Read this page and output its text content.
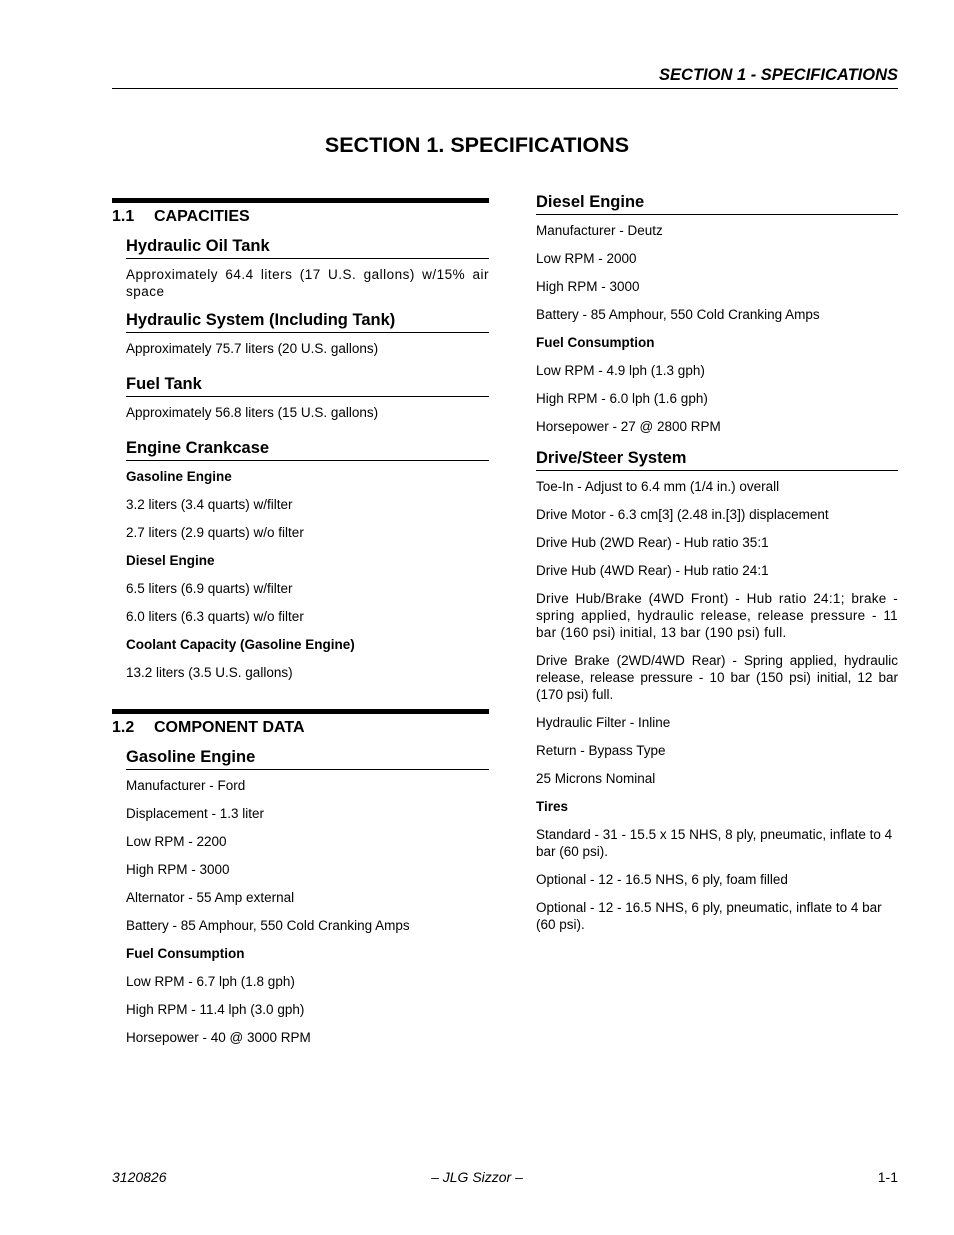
SECTION 1 - SPECIFICATIONS
SECTION 1. SPECIFICATIONS
1.1 CAPACITIES
Hydraulic Oil Tank
Approximately 64.4 liters (17 U.S. gallons) w/15% air space
Hydraulic System (Including Tank)
Approximately 75.7 liters (20 U.S. gallons)
Fuel Tank
Approximately 56.8 liters (15 U.S. gallons)
Engine Crankcase
Gasoline Engine
3.2 liters (3.4 quarts) w/filter
2.7 liters (2.9 quarts) w/o filter
Diesel Engine
6.5 liters (6.9 quarts) w/filter
6.0 liters (6.3 quarts) w/o filter
Coolant Capacity (Gasoline Engine)
13.2 liters (3.5 U.S. gallons)
1.2 COMPONENT DATA
Gasoline Engine
Manufacturer - Ford
Displacement - 1.3 liter
Low RPM - 2200
High RPM - 3000
Alternator - 55 Amp external
Battery - 85 Amphour, 550 Cold Cranking Amps
Fuel Consumption
Low RPM - 6.7 lph (1.8 gph)
High RPM - 11.4 lph (3.0 gph)
Horsepower - 40 @ 3000 RPM
Diesel Engine
Manufacturer - Deutz
Low RPM - 2000
High RPM - 3000
Battery - 85 Amphour, 550 Cold Cranking Amps
Fuel Consumption
Low RPM - 4.9 lph (1.3 gph)
High RPM - 6.0 lph (1.6 gph)
Horsepower - 27 @ 2800 RPM
Drive/Steer System
Toe-In - Adjust to 6.4 mm (1/4 in.) overall
Drive Motor - 6.3 cm[3] (2.48 in.[3]) displacement
Drive Hub (2WD Rear) - Hub ratio 35:1
Drive Hub (4WD Rear) - Hub ratio 24:1
Drive Hub/Brake (4WD Front) - Hub ratio 24:1; brake - spring applied, hydraulic release, release pressure - 11 bar (160 psi) initial, 13 bar (190 psi) full.
Drive Brake (2WD/4WD Rear) - Spring applied, hydraulic release, release pressure - 10 bar (150 psi) initial, 12 bar (170 psi) full.
Hydraulic Filter - Inline
Return - Bypass Type
25 Microns Nominal
Tires
Standard - 31 - 15.5 x 15 NHS, 8 ply, pneumatic, inflate to 4 bar (60 psi).
Optional - 12 - 16.5 NHS, 6 ply, foam filled
Optional - 12 - 16.5 NHS, 6 ply, pneumatic, inflate to 4 bar (60 psi).
3120826	– JLG Sizzor –	1-1
